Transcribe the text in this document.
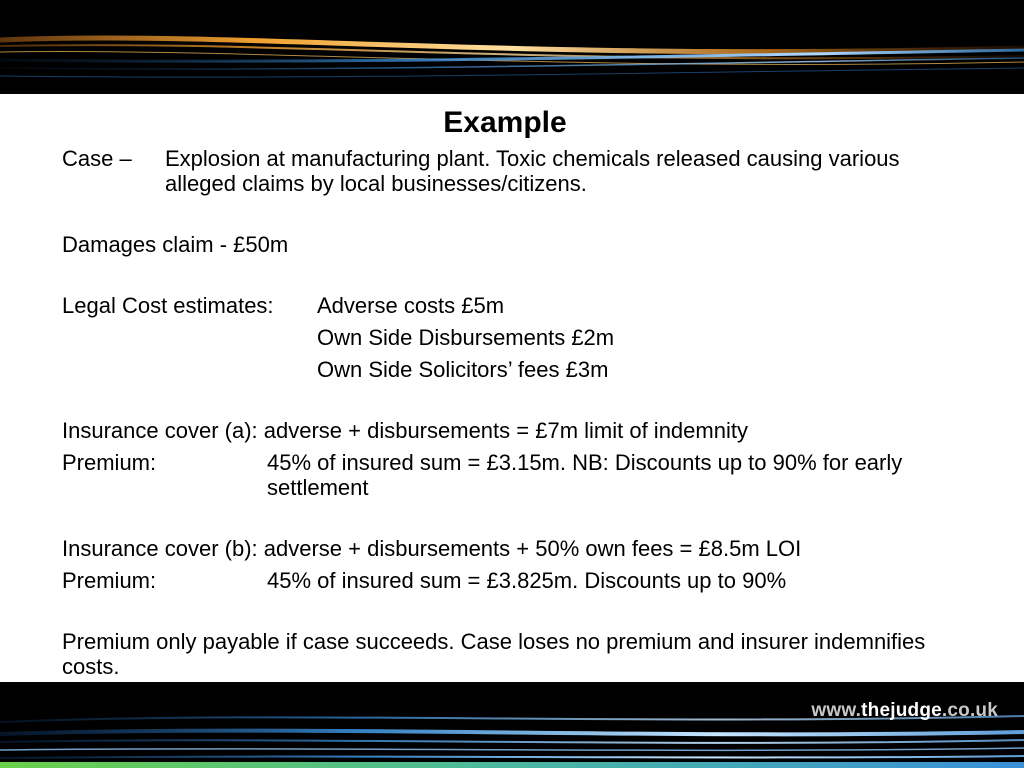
Example
Case –	Explosion at manufacturing plant. Toxic chemicals released causing various alleged claims by local businesses/citizens.
Damages claim - £50m
Legal Cost estimates:	Adverse costs £5m
Own Side Disbursements £2m
Own Side Solicitors’ fees £3m
Insurance cover (a): adverse + disbursements = £7m limit of indemnity
Premium:	45% of insured sum = £3.15m. NB: Discounts up to 90% for early settlement
Insurance cover (b): adverse + disbursements + 50% own fees = £8.5m LOI
Premium:	45% of insured sum = £3.825m. Discounts up to 90%
Premium only payable if case succeeds. Case loses no premium and insurer indemnifies costs.
www.thejudge.co.uk
